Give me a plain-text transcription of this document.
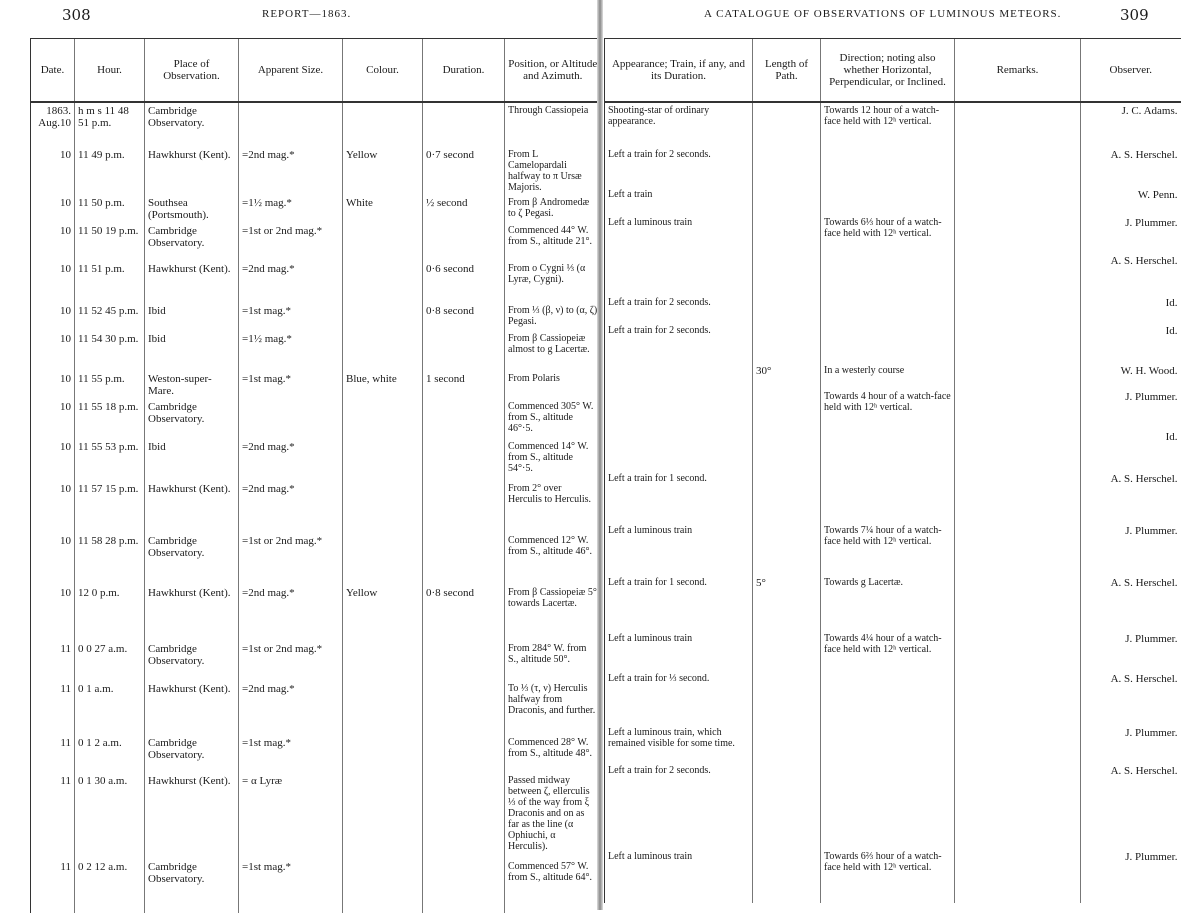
308	REPORT—1863.
Date.	Hour.	Place of Observation.	Apparent Size.	Colour.	Duration.	Position, or Altitude and Azimuth.
1863. Aug.10	h m s 11 48 51 p.m.	Cambridge Observatory.				Through Cassiopeia
10	11 49 p.m.	Hawkhurst (Kent).	=2nd mag.*	Yellow	0·7 second	From L Camelopardali halfway to π Ursæ Majoris.
10	11 50 p.m.	Southsea (Portsmouth).	=1½ mag.*	White	½ second	From β Andromedæ to ζ Pegasi.
10	11 50 19 p.m.	Cambridge Observatory.	=1st or 2nd mag.*			Commenced 44° W. from S., altitude 21°.
10	11 51 p.m.	Hawkhurst (Kent).	=2nd mag.*		0·6 second	From ο Cygni ⅓ (α Lyræ, Cygni).
10	11 52 45 p.m.	Ibid	=1st mag.*		0·8 second	From ⅓ (β, ν) to (α, ζ) Pegasi.
10	11 54 30 p.m.	Ibid	=1½ mag.*			From β Cassiopeiæ almost to g Lacertæ.
10	11 55 p.m.	Weston-super-Mare.	=1st mag.*	Blue, white	1 second	From Polaris
10	11 55 18 p.m.	Cambridge Observatory.				Commenced 305° W. from S., altitude 46°·5.
10	11 55 53 p.m.	Ibid	=2nd mag.*			Commenced 14° W. from S., altitude 54°·5.
10	11 57 15 p.m.	Hawkhurst (Kent).	=2nd mag.*			From 2° over Herculis to Herculis.
10	11 58 28 p.m.	Cambridge Observatory.	=1st or 2nd mag.*			Commenced 12° W. from S., altitude 46°.
10	12 0 p.m.	Hawkhurst (Kent).	=2nd mag.*	Yellow	0·8 second	From β Cassiopeiæ 5° towards Lacertæ.
11	0 0 27 a.m.	Cambridge Observatory.	=1st or 2nd mag.*			From 284° W. from S., altitude 50°.
11	0 1 a.m.	Hawkhurst (Kent).	=2nd mag.*			To ⅓ (τ, ν) Herculis halfway from Draconis, and further.
11	0 1 2 a.m.	Cambridge Observatory.	=1st mag.*			Commenced 28° W. from S., altitude 48°.
11	0 1 30 a.m.	Hawkhurst (Kent).	= α Lyræ			Passed midway between ζ, ellerculis ⅓ of the way from ξ Draconis and on as far as the line (α Ophiuchi, α Herculis).
11	0 2 12 a.m.	Cambridge Observatory.	=1st mag.*			Commenced 57° W. from S., altitude 64°.
A CATALOGUE OF OBSERVATIONS OF LUMINOUS METEORS.	309
Appearance; Train, if any, and its Duration.	Length of Path.	Direction; noting also whether Horizontal, Perpendicular, or Inclined.	Remarks.	Observer.
Shooting-star of ordinary appearance.		Towards 12 hour of a watch-face held with 12ʰ vertical.		J. C. Adams.
Left a train for 2 seconds.				A. S. Herschel.
Left a train				W. Penn.
Left a luminous train		Towards 6⅓ hour of a watch-face held with 12ʰ vertical.		J. Plummer.
				A. S. Herschel.
Left a train for 2 seconds.				Id.
Left a train for 2 seconds.				Id.
	30°	In a westerly course		W. H. Wood.
		Towards 4 hour of a watch-face held with 12ʰ vertical.		J. Plummer.
				Id.
Left a train for 1 second.				A. S. Herschel.
Left a luminous train		Towards 7¼ hour of a watch-face held with 12ʰ vertical.		J. Plummer.
Left a train for 1 second.	5°	Towards g Lacertæ.		A. S. Herschel.
Left a luminous train		Towards 4¼ hour of a watch-face held with 12ʰ vertical.		J. Plummer.
Left a train for ⅓ second.				A. S. Herschel.
Left a luminous train, which remained visible for some time.				J. Plummer.
Left a train for 2 seconds.				A. S. Herschel.
Left a luminous train		Towards 6⅔ hour of a watch-face held with 12ʰ vertical.		J. Plummer.
